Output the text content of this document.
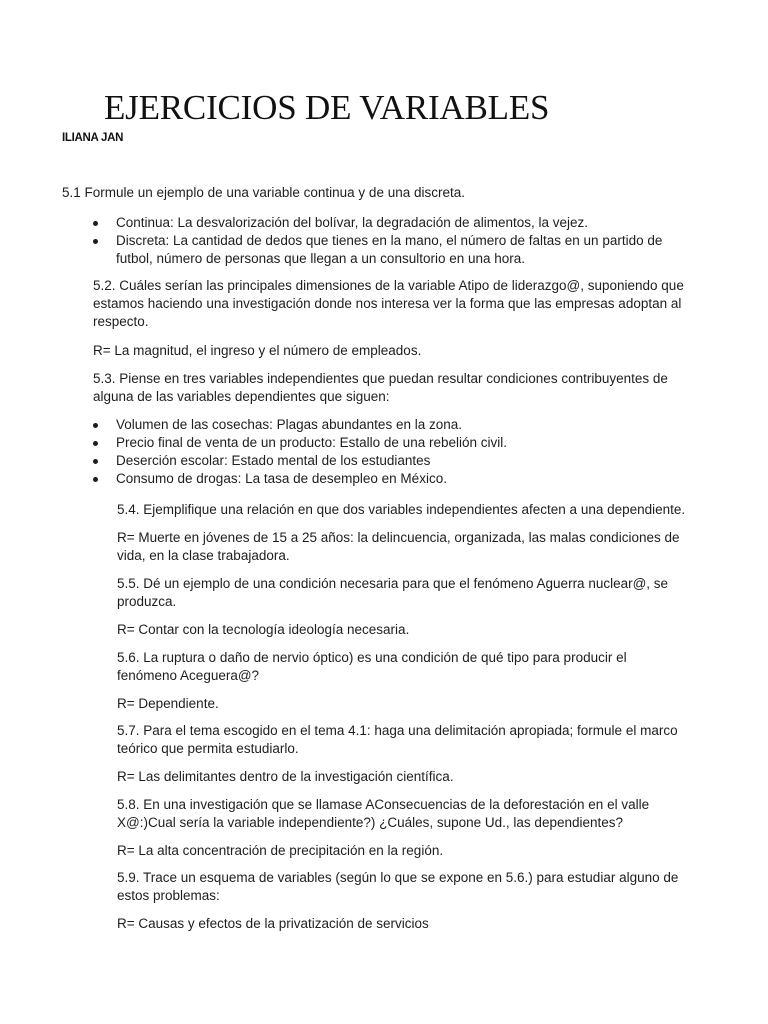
EJERCICIOS DE VARIABLES
ILIANA JAN

5.1 Formule un ejemplo de una variable continua y de una discreta.

Continua: La desvalorización del bolívar, la degradación de alimentos, la vejez.
Discreta: La cantidad de dedos que tienes en la mano, el número de faltas en un partido de futbol, número de personas que llegan a un consultorio en una hora.

5.2. Cuáles serían las principales dimensiones de la variable Atipo de liderazgo@, suponiendo que estamos haciendo una investigación donde nos interesa ver la forma que las empresas adoptan al respecto.

R= La magnitud, el ingreso y el número de empleados.

5.3. Piense en tres variables independientes que puedan resultar condiciones contribuyentes de alguna de las variables dependientes que siguen:

Volumen de las cosechas: Plagas abundantes en la zona.
Precio final de venta de un producto: Estallo de una rebelión civil.
Deserción escolar: Estado mental de los estudiantes
Consumo de drogas: La tasa de desempleo en México.

5.4. Ejemplifique una relación en que dos variables independientes afecten a una dependiente.

R= Muerte en jóvenes de 15 a 25 años: la delincuencia, organizada, las malas condiciones de vida, en la clase trabajadora.

5.5. Dé un ejemplo de una condición necesaria para que el fenómeno Aguerra nuclear@, se produzca.

R= Contar con la tecnología ideología necesaria.

5.6. La ruptura o daño de nervio óptico) es una condición de qué tipo para producir el fenómeno Aceguera@?

R= Dependiente.

5.7. Para el tema escogido en el tema 4.1: haga una delimitación apropiada; formule el marco teórico que permita estudiarlo.

R= Las delimitantes dentro de la investigación científica.

5.8. En una investigación que se llamase AConsecuencias de la deforestación en el valle X@:)Cual sería la variable independiente?) ¿Cuáles, supone Ud., las dependientes?

R= La alta concentración de precipitación en la región.

5.9. Trace un esquema de variables (según lo que se expone en 5.6.) para estudiar alguno de estos problemas:

R= Causas y efectos de la privatización de servicios
